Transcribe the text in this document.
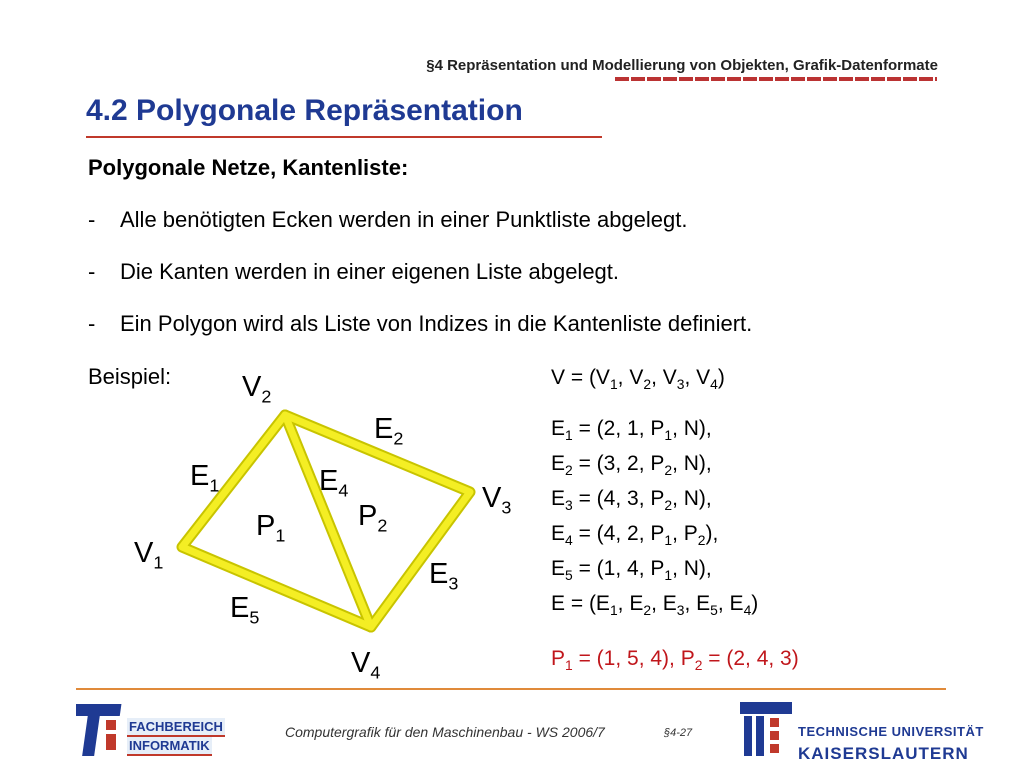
§4 Repräsentation und Modellierung von Objekten, Grafik-Datenformate
4.2 Polygonale Repräsentation
Polygonale Netze, Kantenliste:
- Alle benötigten Ecken werden in einer Punktliste abgelegt.
- Die Kanten werden in einer eigenen Liste abgelegt.
- Ein Polygon wird als Liste von Indizes in die Kantenliste definiert.
Beispiel: $V_2$
$E_2$
$E_1$	$E_4$	$V_3$
$P_2$
$P_1$
$V_1$	$E_3$
$E_5$
$V_4$
$V = (V_1$, $V_2$, $V_3$, $V_4$)
$E_1 = (2$, 1, $P_1$, N),
$E_2 = (3$, 2, $P_2$, N),
$E_3 = (4$, 3, $P_2$, N),
$E_4 = (4$, 2, $P_1$, $P_2$),
$E_5 = (1$, 4, $P_1$, N),
$E = (E_1$, $E_2$, $E_3$, $E_5$, $E_4$)
$P_1 = (1$, 5, 4), $P_2 = (2$, 4, 3)
FACHBEREICH
INFORMATIK
Computergrafik für den Maschinenbau - WS 2006/7	§4-27	TECHNISCHE UNIVERSITÄT
KAISERSLAUTERN
